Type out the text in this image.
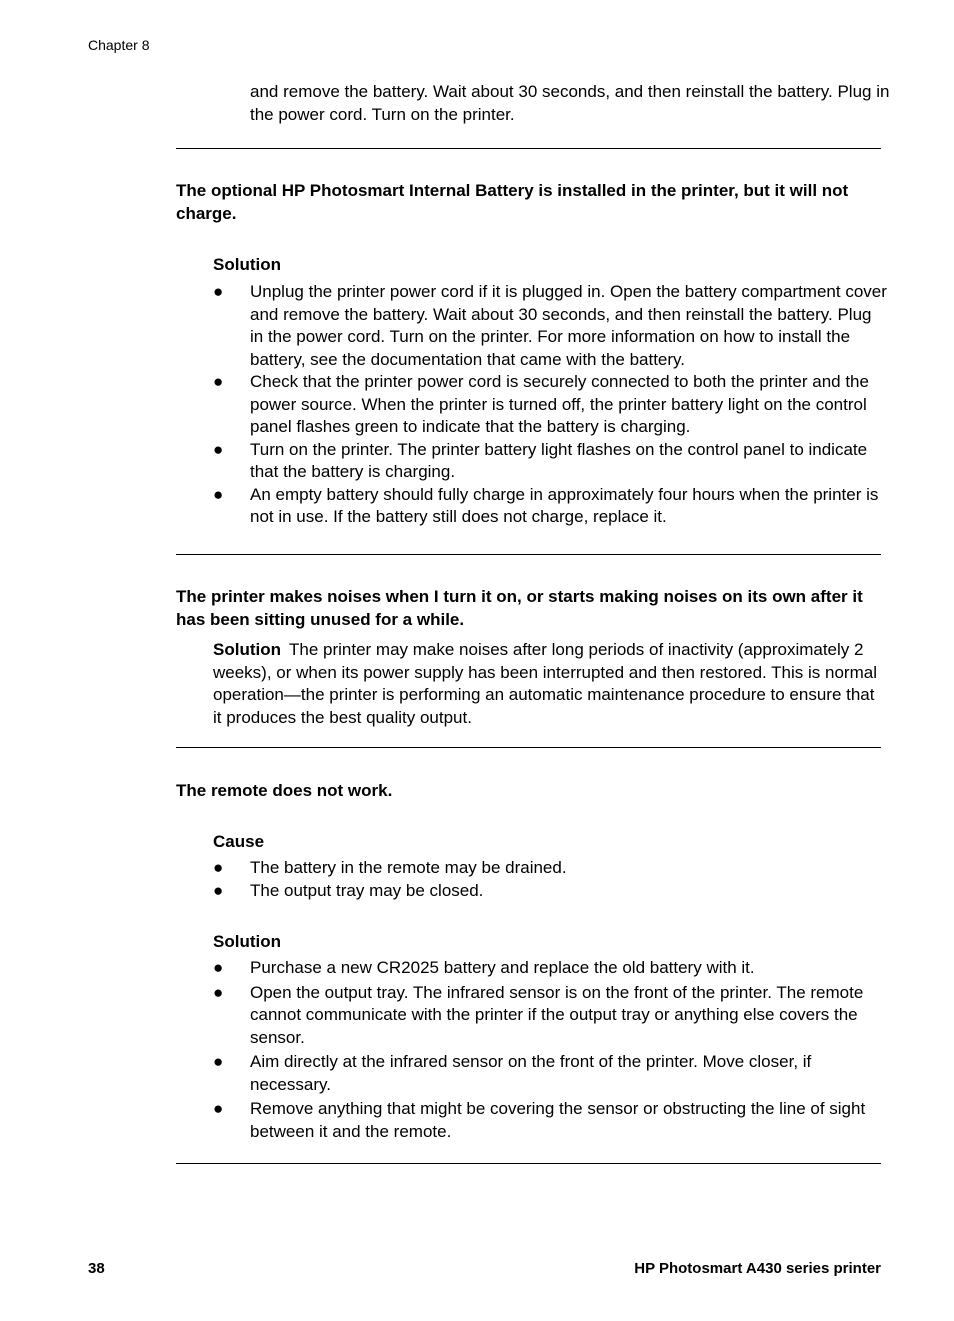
Chapter 8
and remove the battery. Wait about 30 seconds, and then reinstall the battery. Plug in the power cord. Turn on the printer.
The optional HP Photosmart Internal Battery is installed in the printer, but it will not charge.
Solution
● Unplug the printer power cord if it is plugged in. Open the battery compartment cover and remove the battery. Wait about 30 seconds, and then reinstall the battery. Plug in the power cord. Turn on the printer. For more information on how to install the battery, see the documentation that came with the battery.
● Check that the printer power cord is securely connected to both the printer and the power source. When the printer is turned off, the printer battery light on the control panel flashes green to indicate that the battery is charging.
● Turn on the printer. The printer battery light flashes on the control panel to indicate that the battery is charging.
● An empty battery should fully charge in approximately four hours when the printer is not in use. If the battery still does not charge, replace it.
The printer makes noises when I turn it on, or starts making noises on its own after it has been sitting unused for a while.
Solution The printer may make noises after long periods of inactivity (approximately 2 weeks), or when its power supply has been interrupted and then restored. This is normal operation—the printer is performing an automatic maintenance procedure to ensure that it produces the best quality output.
The remote does not work.
Cause
● The battery in the remote may be drained.
● The output tray may be closed.
Solution
● Purchase a new CR2025 battery and replace the old battery with it.
● Open the output tray. The infrared sensor is on the front of the printer. The remote cannot communicate with the printer if the output tray or anything else covers the sensor.
● Aim directly at the infrared sensor on the front of the printer. Move closer, if necessary.
● Remove anything that might be covering the sensor or obstructing the line of sight between it and the remote.
38	HP Photosmart A430 series printer
